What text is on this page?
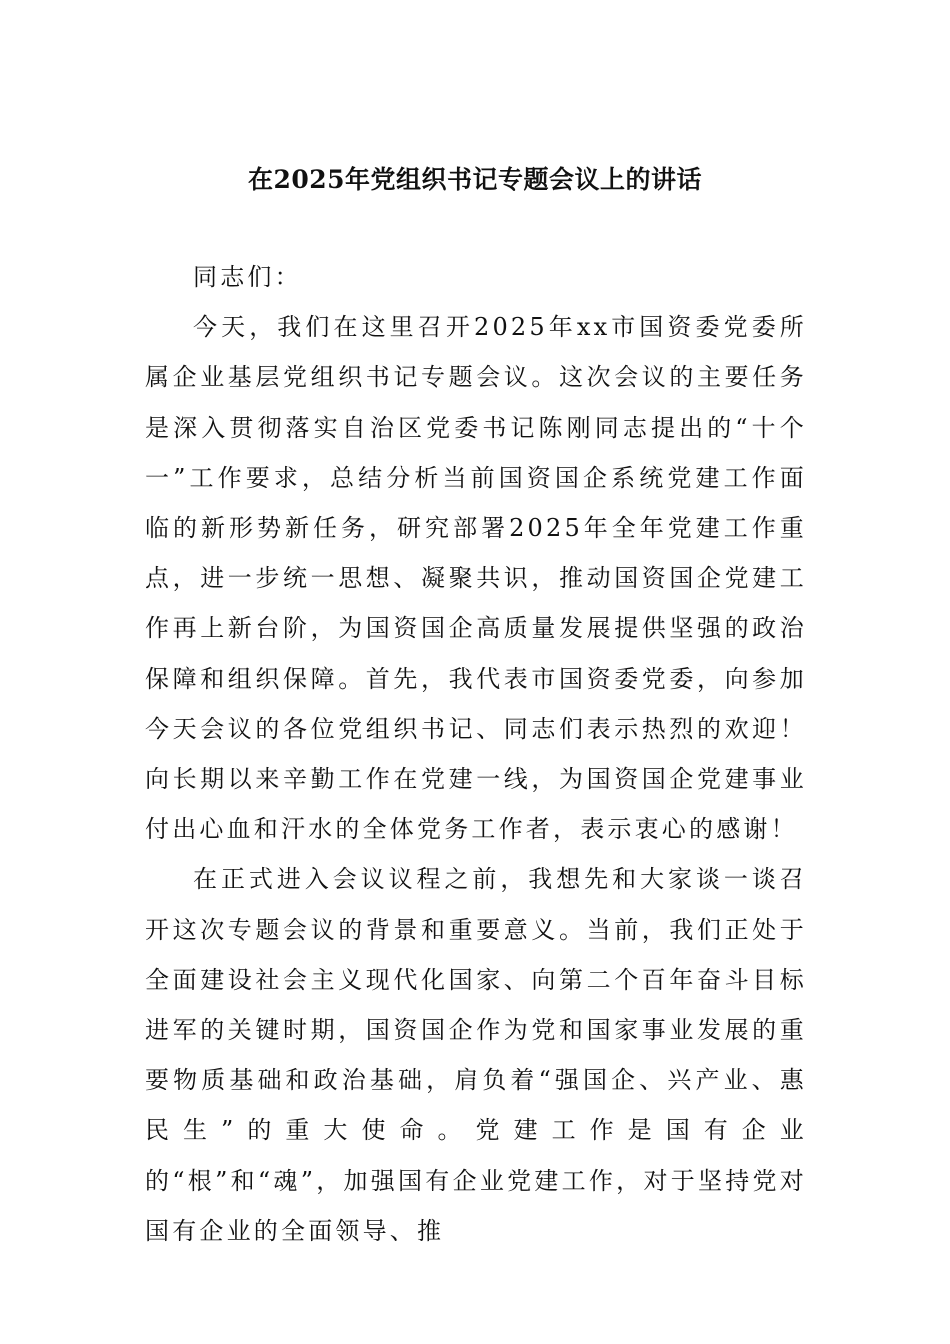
在2025年党组织书记专题会议上的讲话

同志们：

今天，我们在这里召开2025年xx市国资委党委所属企业基层党组织书记专题会议。这次会议的主要任务是深入贯彻落实自治区党委书记陈刚同志提出的“十个一”工作要求，总结分析当前国资国企系统党建工作面临的新形势新任务，研究部署2025年全年党建工作重点，进一步统一思想、凝聚共识，推动国资国企党建工作再上新台阶，为国资国企高质量发展提供坚强的政治保障和组织保障。首先，我代表市国资委党委，向参加今天会议的各位党组织书记、同志们表示热烈的欢迎！向长期以来辛勤工作在党建一线，为国资国企党建事业付出心血和汗水的全体党务工作者，表示衷心的感谢！

在正式进入会议议程之前，我想先和大家谈一谈召开这次专题会议的背景和重要意义。当前，我们正处于全面建设社会主义现代化国家、向第二个百年奋斗目标进军的关键时期，国资国企作为党和国家事业发展的重要物质基础和政治基础，肩负着“强国企、兴产业、惠民生”的重大使命。党建工作是国有企业的“根”和“魂”，加强国有企业党建工作，对于坚持党对国有企业的全面领导、推
